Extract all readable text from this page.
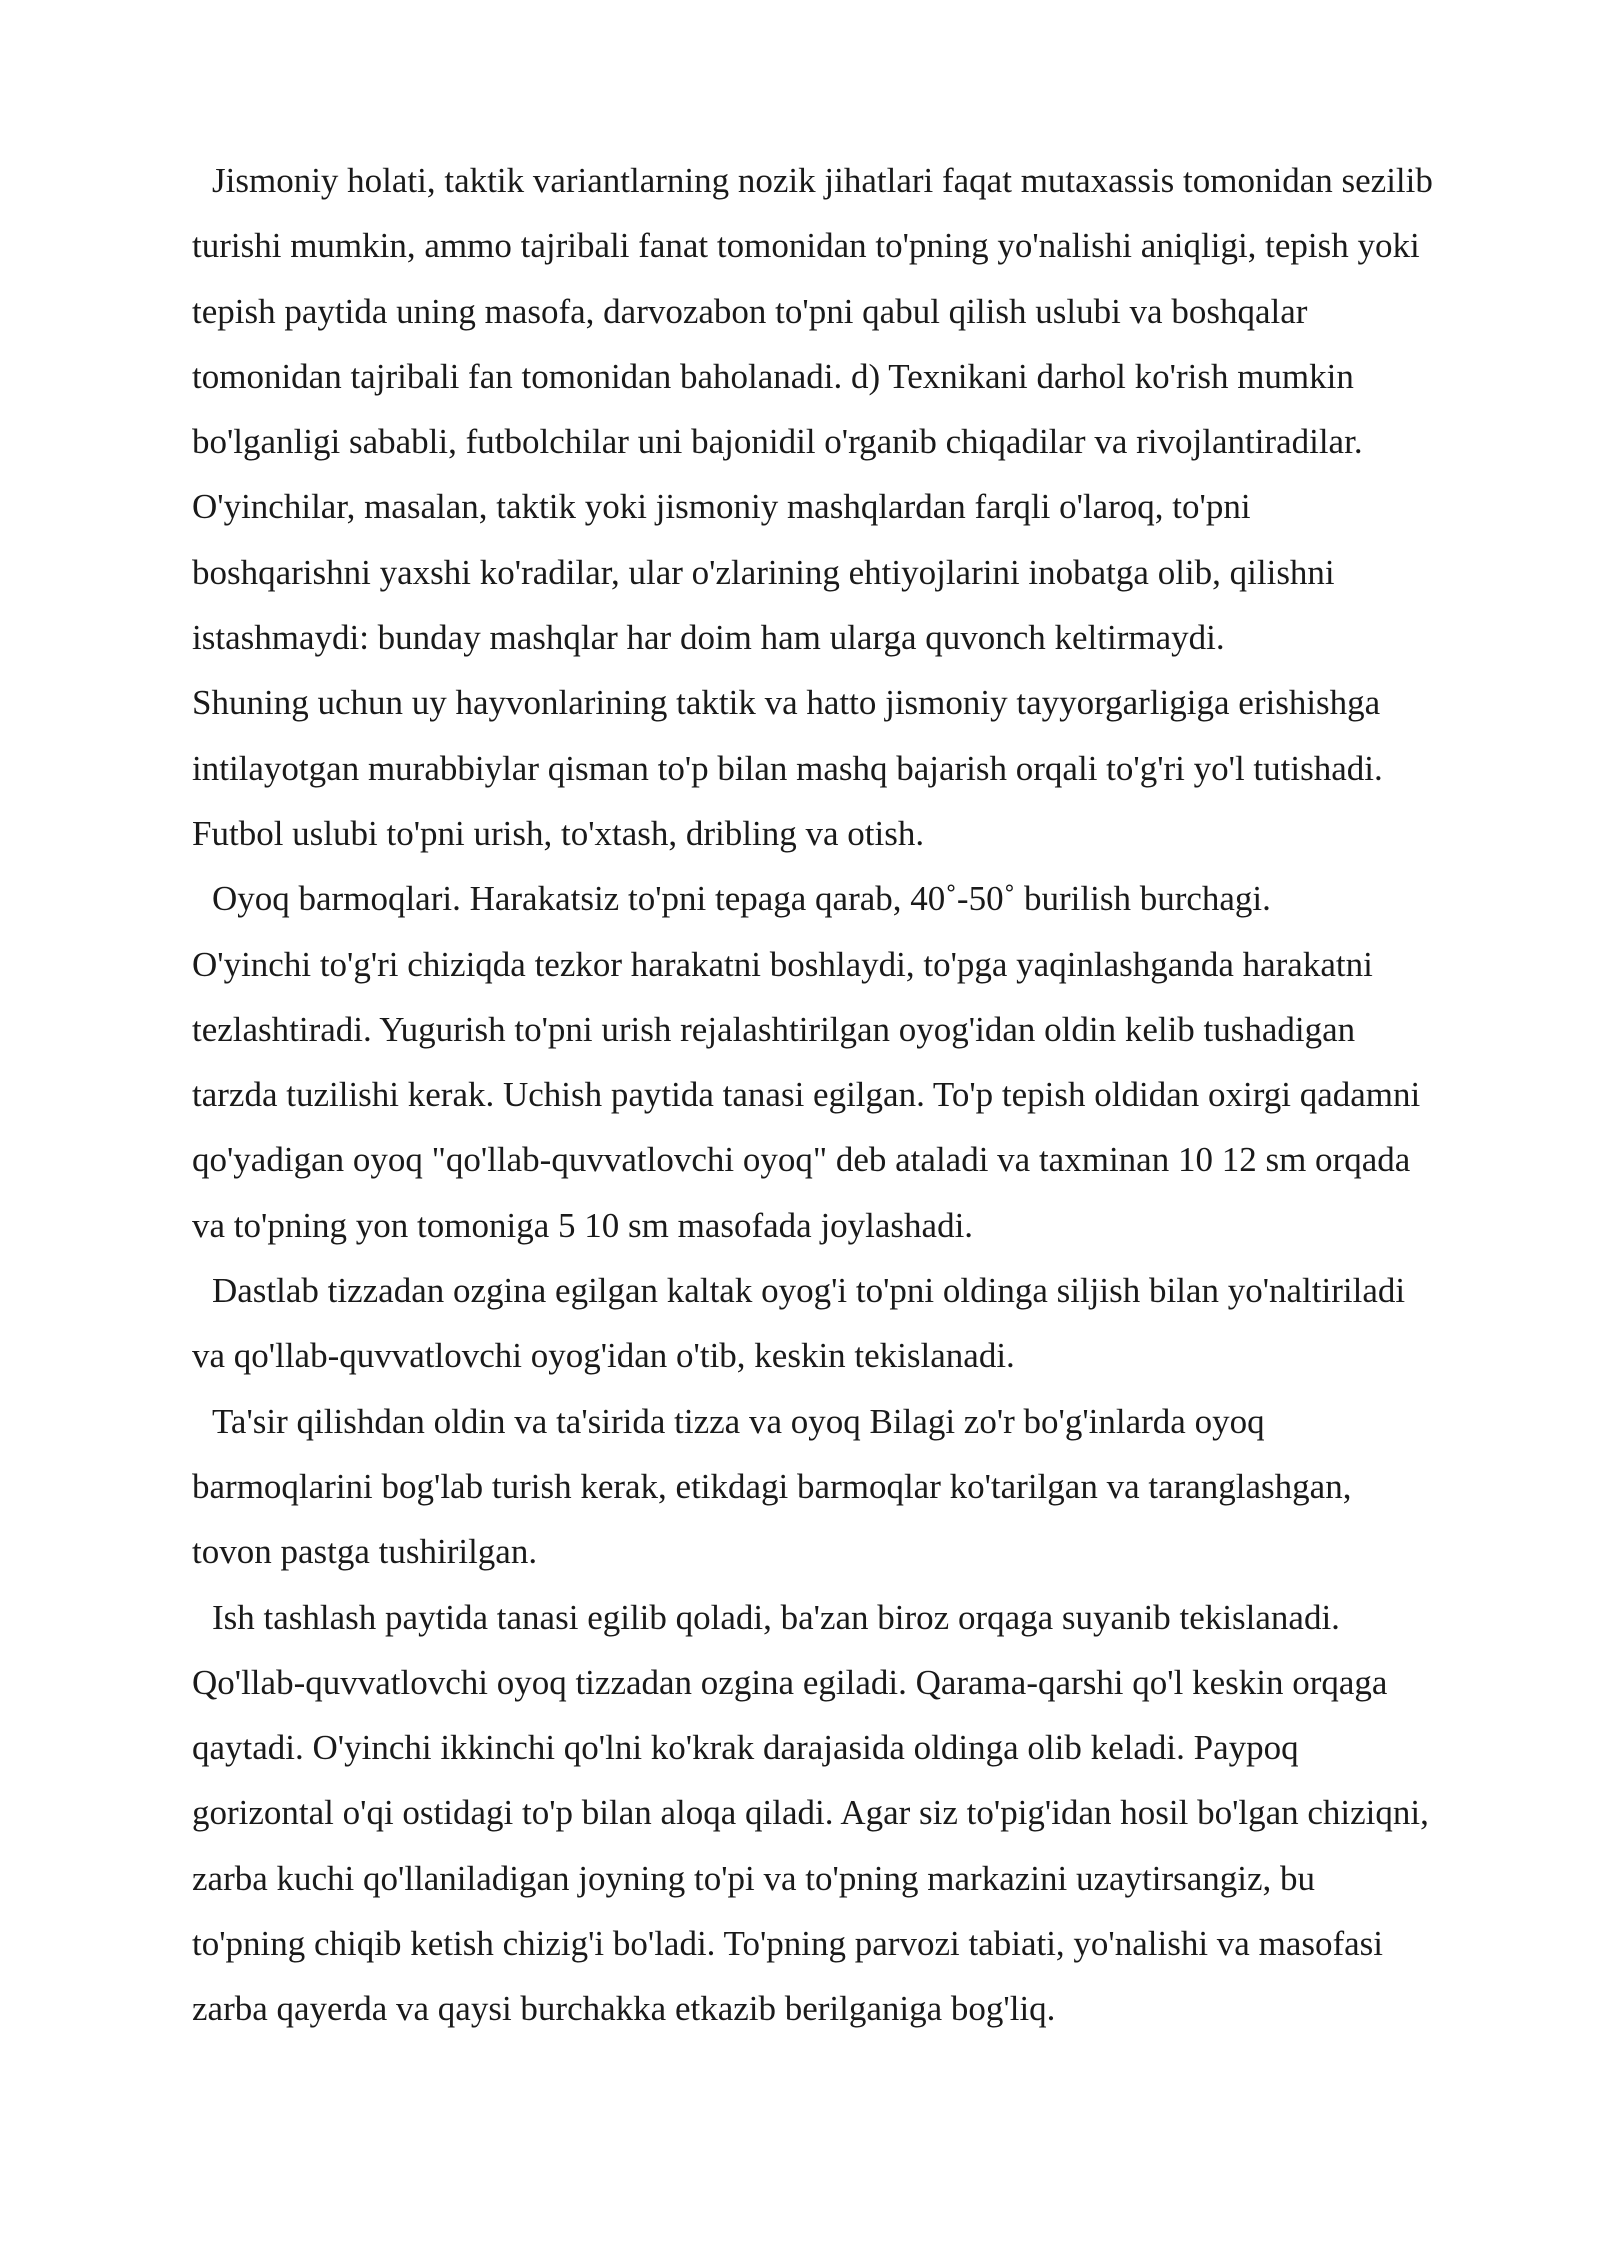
Jismoniy holati, taktik variantlarning nozik jihatlari faqat mutaxassis tomonidan sezilib
turishi mumkin, ammo tajribali fanat tomonidan to'pning yo'nalishi aniqligi, tepish yoki
tepish paytida uning masofa, darvozabon to'pni qabul qilish uslubi va boshqalar
tomonidan tajribali fan tomonidan baholanadi. d) Texnikani darhol ko'rish mumkin
bo'lganligi sababli, futbolchilar uni bajonidil o'rganib chiqadilar va rivojlantiradilar.
O'yinchilar, masalan, taktik yoki jismoniy mashqlardan farqli o'laroq, to'pni
boshqarishni yaxshi ko'radilar, ular o'zlarining ehtiyojlarini inobatga olib, qilishni
istashmaydi: bunday mashqlar har doim ham ularga quvonch keltirmaydi.
Shuning uchun uy hayvonlarining taktik va hatto jismoniy tayyorgarligiga erishishga
intilayotgan murabbiylar qisman to'p bilan mashq bajarish orqali to'g'ri yo'l tutishadi.
Futbol uslubi to'pni urish, to'xtash, dribling va otish.
Oyoq barmoqlari. Harakatsiz to'pni tepaga qarab, 40˚-50˚ burilish burchagi.
O'yinchi to'g'ri chiziqda tezkor harakatni boshlaydi, to'pga yaqinlashganda harakatni
tezlashtiradi. Yugurish to'pni urish rejalashtirilgan oyog'idan oldin kelib tushadigan
tarzda tuzilishi kerak. Uchish paytida tanasi egilgan. To'p tepish oldidan oxirgi qadamni
qo'yadigan oyoq "qo'llab-quvvatlovchi oyoq" deb ataladi va taxminan 10 12 sm orqada
va to'pning yon tomoniga 5 10 sm masofada joylashadi.
Dastlab tizzadan ozgina egilgan kaltak oyog'i to'pni oldinga siljish bilan yo'naltiriladi
va qo'llab-quvvatlovchi oyog'idan o'tib, keskin tekislanadi.
Ta'sir qilishdan oldin va ta'sirida tizza va oyoq Bilagi zo'r bo'g'inlarda oyoq
barmoqlarini bog'lab turish kerak, etikdagi barmoqlar ko'tarilgan va taranglashgan,
tovon pastga tushirilgan.
Ish tashlash paytida tanasi egilib qoladi, ba'zan biroz orqaga suyanib tekislanadi.
Qo'llab-quvvatlovchi oyoq tizzadan ozgina egiladi. Qarama-qarshi qo'l keskin orqaga
qaytadi. O'yinchi ikkinchi qo'lni ko'krak darajasida oldinga olib keladi. Paypoq
gorizontal o'qi ostidagi to'p bilan aloqa qiladi. Agar siz to'pig'idan hosil bo'lgan chiziqni,
zarba kuchi qo'llaniladigan joyning to'pi va to'pning markazini uzaytirsangiz, bu
to'pning chiqib ketish chizig'i bo'ladi. To'pning parvozi tabiati, yo'nalishi va masofasi
zarba qayerda va qaysi burchakka etkazib berilganiga bog'liq.
